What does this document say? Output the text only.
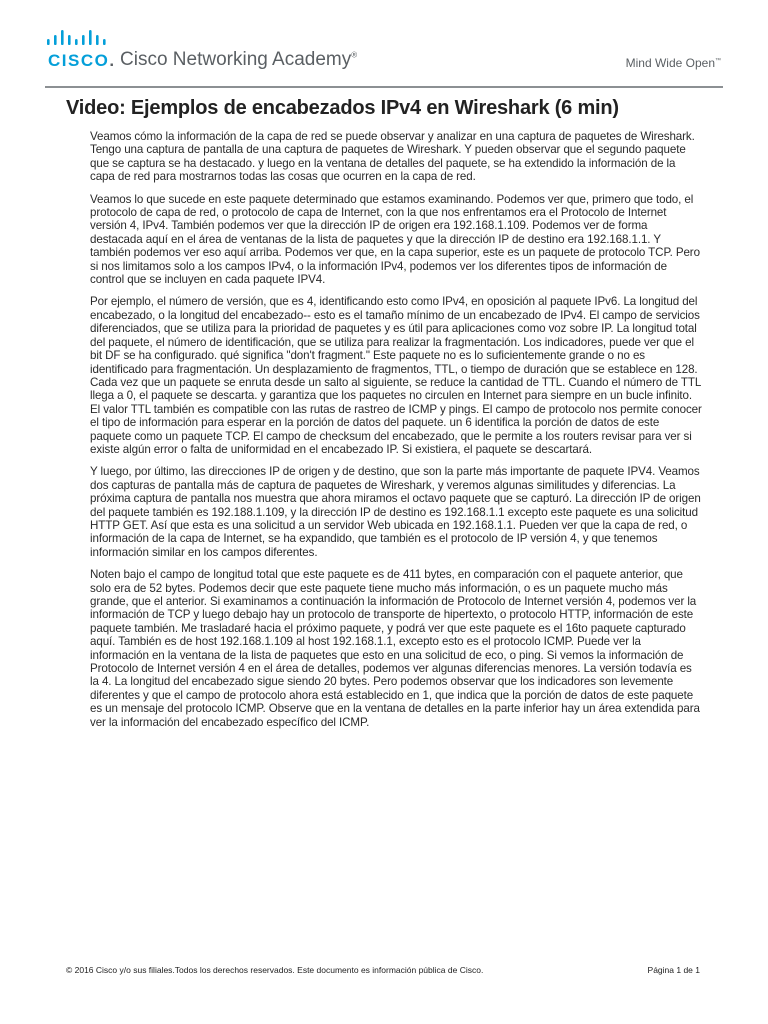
CISCO. Cisco Networking Academy®
Mind Wide Open™
Video: Ejemplos de encabezados IPv4 en Wireshark (6 min)

Veamos cómo la información de la capa de red se puede observar y analizar en una captura de paquetes de Wireshark. Tengo una captura de pantalla de una captura de paquetes de Wireshark. Y pueden observar que el segundo paquete que se captura se ha destacado. y luego en la ventana de detalles del paquete, se ha extendido la información de la capa de red para mostrarnos todas las cosas que ocurren en la capa de red.

Veamos lo que sucede en este paquete determinado que estamos examinando. Podemos ver que, primero que todo, el protocolo de capa de red, o protocolo de capa de Internet, con la que nos enfrentamos era el Protocolo de Internet versión 4, IPv4. También podemos ver que la dirección IP de origen era 192.168.1.109. Podemos ver de forma destacada aquí en el área de ventanas de la lista de paquetes y que la dirección IP de destino era 192.168.1.1. Y también podemos ver eso aquí arriba. Podemos ver que, en la capa superior, este es un paquete de protocolo TCP. Pero si nos limitamos solo a los campos IPv4, o la información IPv4, podemos ver los diferentes tipos de información de control que se incluyen en cada paquete IPV4.

Por ejemplo, el número de versión, que es 4, identificando esto como IPv4, en oposición al paquete IPv6. La longitud del encabezado, o la longitud del encabezado-- esto es el tamaño mínimo de un encabezado de IPv4. El campo de servicios diferenciados, que se utiliza para la prioridad de paquetes y es útil para aplicaciones como voz sobre IP. La longitud total del paquete, el número de identificación, que se utiliza para realizar la fragmentación. Los indicadores, puede ver que el bit DF se ha configurado. qué significa "don't fragment." Este paquete no es lo suficientemente grande o no es identificado para fragmentación. Un desplazamiento de fragmentos, TTL, o tiempo de duración que se establece en 128. Cada vez que un paquete se enruta desde un salto al siguiente, se reduce la cantidad de TTL. Cuando el número de TTL llega a 0, el paquete se descarta. y garantiza que los paquetes no circulen en Internet para siempre en un bucle infinito. El valor TTL también es compatible con las rutas de rastreo de ICMP y pings. El campo de protocolo nos permite conocer el tipo de información para esperar en la porción de datos del paquete. un 6 identifica la porción de datos de este paquete como un paquete TCP. El campo de checksum del encabezado, que le permite a los routers revisar para ver si existe algún error o falta de uniformidad en el encabezado IP. Si existiera, el paquete se descartará.

Y luego, por último, las direcciones IP de origen y de destino, que son la parte más importante de paquete IPV4. Veamos dos capturas de pantalla más de captura de paquetes de Wireshark, y veremos algunas similitudes y diferencias. La próxima captura de pantalla nos muestra que ahora miramos el octavo paquete que se capturó. La dirección IP de origen del paquete también es 192.188.1.109, y la dirección IP de destino es 192.168.1.1 excepto este paquete es una solicitud HTTP GET. Así que esta es una solicitud a un servidor Web ubicada en 192.168.1.1. Pueden ver que la capa de red, o información de la capa de Internet, se ha expandido, que también es el protocolo de IP versión 4, y que tenemos información similar en los campos diferentes.

Noten bajo el campo de longitud total que este paquete es de 411 bytes, en comparación con el paquete anterior, que solo era de 52 bytes. Podemos decir que este paquete tiene mucho más información, o es un paquete mucho más grande, que el anterior. Si examinamos a continuación la información de Protocolo de Internet versión 4, podemos ver la información de TCP y luego debajo hay un protocolo de transporte de hipertexto, o protocolo HTTP, información de este paquete también. Me trasladaré hacia el próximo paquete, y podrá ver que este paquete es el 16to paquete capturado aquí. También es de host 192.168.1.109 al host 192.168.1.1, excepto esto es el protocolo ICMP. Puede ver la información en la ventana de la lista de paquetes que esto en una solicitud de eco, o ping. Si vemos la información de Protocolo de Internet versión 4 en el área de detalles, podemos ver algunas diferencias menores. La versión todavía es la 4. La longitud del encabezado sigue siendo 20 bytes. Pero podemos observar que los indicadores son levemente diferentes y que el campo de protocolo ahora está establecido en 1, que indica que la porción de datos de este paquete es un mensaje del protocolo ICMP. Observe que en la ventana de detalles en la parte inferior hay un área extendida para ver la información del encabezado específico del ICMP.

© 2016 Cisco y/o sus filiales.Todos los derechos reservados. Este documento es información pública de Cisco.	Página 1 de 1
